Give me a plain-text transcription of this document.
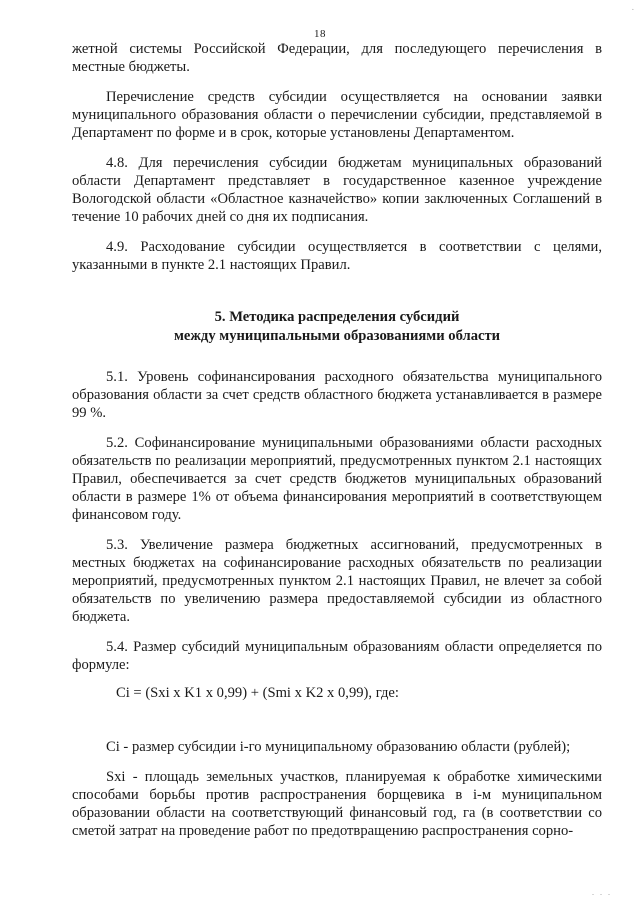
.
18

жетной системы Российской Федерации, для последующего перечисления в местные бюджеты.

Перечисление средств субсидии осуществляется на основании заявки муниципального образования области о перечислении субсидии, представляемой в Департамент по форме и в срок, которые установлены Департаментом.

4.8. Для перечисления субсидии бюджетам муниципальных образований области Департамент представляет в государственное казенное учреждение Вологодской области «Областное казначейство» копии заключенных Соглашений в течение 10 рабочих дней со дня их подписания.

4.9. Расходование субсидии осуществляется в соответствии с целями, указанными в пункте 2.1 настоящих Правил.

5. Методика распределения субсидий
между муниципальными образованиями области

5.1. Уровень софинансирования расходного обязательства муниципального образования области за счет средств областного бюджета устанавливается в размере 99 %.

5.2. Софинансирование муниципальными образованиями области расходных обязательств по реализации мероприятий, предусмотренных пунктом 2.1 настоящих Правил, обеспечивается за счет средств бюджетов муниципальных образований области в размере 1% от объема финансирования мероприятий в соответствующем финансовом году.

5.3. Увеличение размера бюджетных ассигнований, предусмотренных в местных бюджетах на софинансирование расходных обязательств по реализации мероприятий, предусмотренных пунктом 2.1 настоящих Правил, не влечет за собой обязательств по увеличению размера предоставляемой субсидии из областного бюджета.

5.4. Размер субсидий муниципальным образованиям области определяется по формуле:

Ci = (Sxi x K1 x 0,99) + (Smi x K2 x 0,99), где:

Ci - размер субсидии i-го муниципальному образованию области (рублей);

Sxi - площадь земельных участков, планируемая к обработке химическими способами борьбы против распространения борщевика в i-м муниципальном образовании области на соответствующий финансовый год, га (в соответствии со сметой затрат на проведение работ по предотвращению распространения сорно-

. . .
